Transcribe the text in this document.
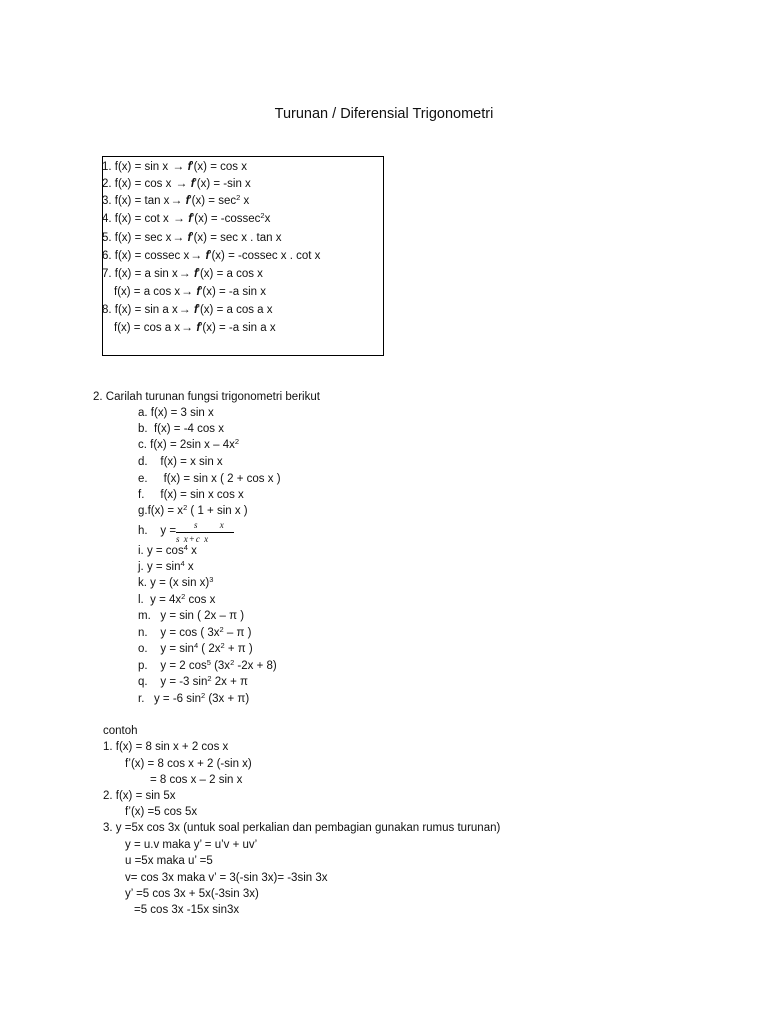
Turunan / Diferensial Trigonometri
1. f(x) = sin x → f'(x) = cos x
2. f(x) = cos x → f'(x) = -sin x
3. $f(x) = \tan x\to f'(x) = \sec^2 x$
4. f(x) = cot x → f'(x) = -cossec$^2$x
5. f(x) = sec x→ f'(x) = sec x . tan x
6. f(x) = cossec x→ f'(x) = -cossec x . cot x
7. f(x) = a sin x→ f'(x) = a cos x
f(x) = a cos x→ f'(x) = -a sin x
8. f(x) = sin a x→ f'(x) = a cos a x
f(x) = cos a x→ f'(x) = -a sin a x
2. Carilah turunan fungsi trigonometri berikut
a. f(x) = 3 sin x
b. f(x) = -4 cos x
c. f(x) = 2sin x – $4x^2$
d. f(x) = x sin x
e. f(x) = sin x ( 2 + cos x )
f. f(x) = sin x cos x
$g.f(x) = x^2$ ( 1 + sin x )
h. y = s x
s x+c x
i. $y = \cos^4 x$
j. $y = \sin^4 x$
k. y = (x sin x)$^3$
l. $y = 4x^2$ cos x
m. y = sin ( 2x – π )
n. y = cos ( $3x^2$ – π )
o. $y = \sin^4$ ( $2x^2 + \pi$ )
p. y = 2 $\cos^5 (3x^2$ -2x + 8)
q. y = -3 $\sin^2 2x + \pi$
r. y = -6 $\sin^2 (3x + \pi)$
contoh
1. f(x) = 8 sin x + 2 cos x
f’(x) = 8 cos x + 2 (-sin x)
= 8 cos x – 2 sin x
2. f(x) = sin 5x
f’(x) =5 cos 5x
3. y =5x cos 3x (untuk soal perkalian dan pembagian gunakan rumus turunan)
y = u.v maka y’ = u’v + uv’
u =5x maka u’ =5
v= cos 3x maka v’ = 3(-sin 3x)= -3sin 3x
y’ =5 cos 3x + 5x(-3sin 3x)
=5 cos 3x -15x sin3x
